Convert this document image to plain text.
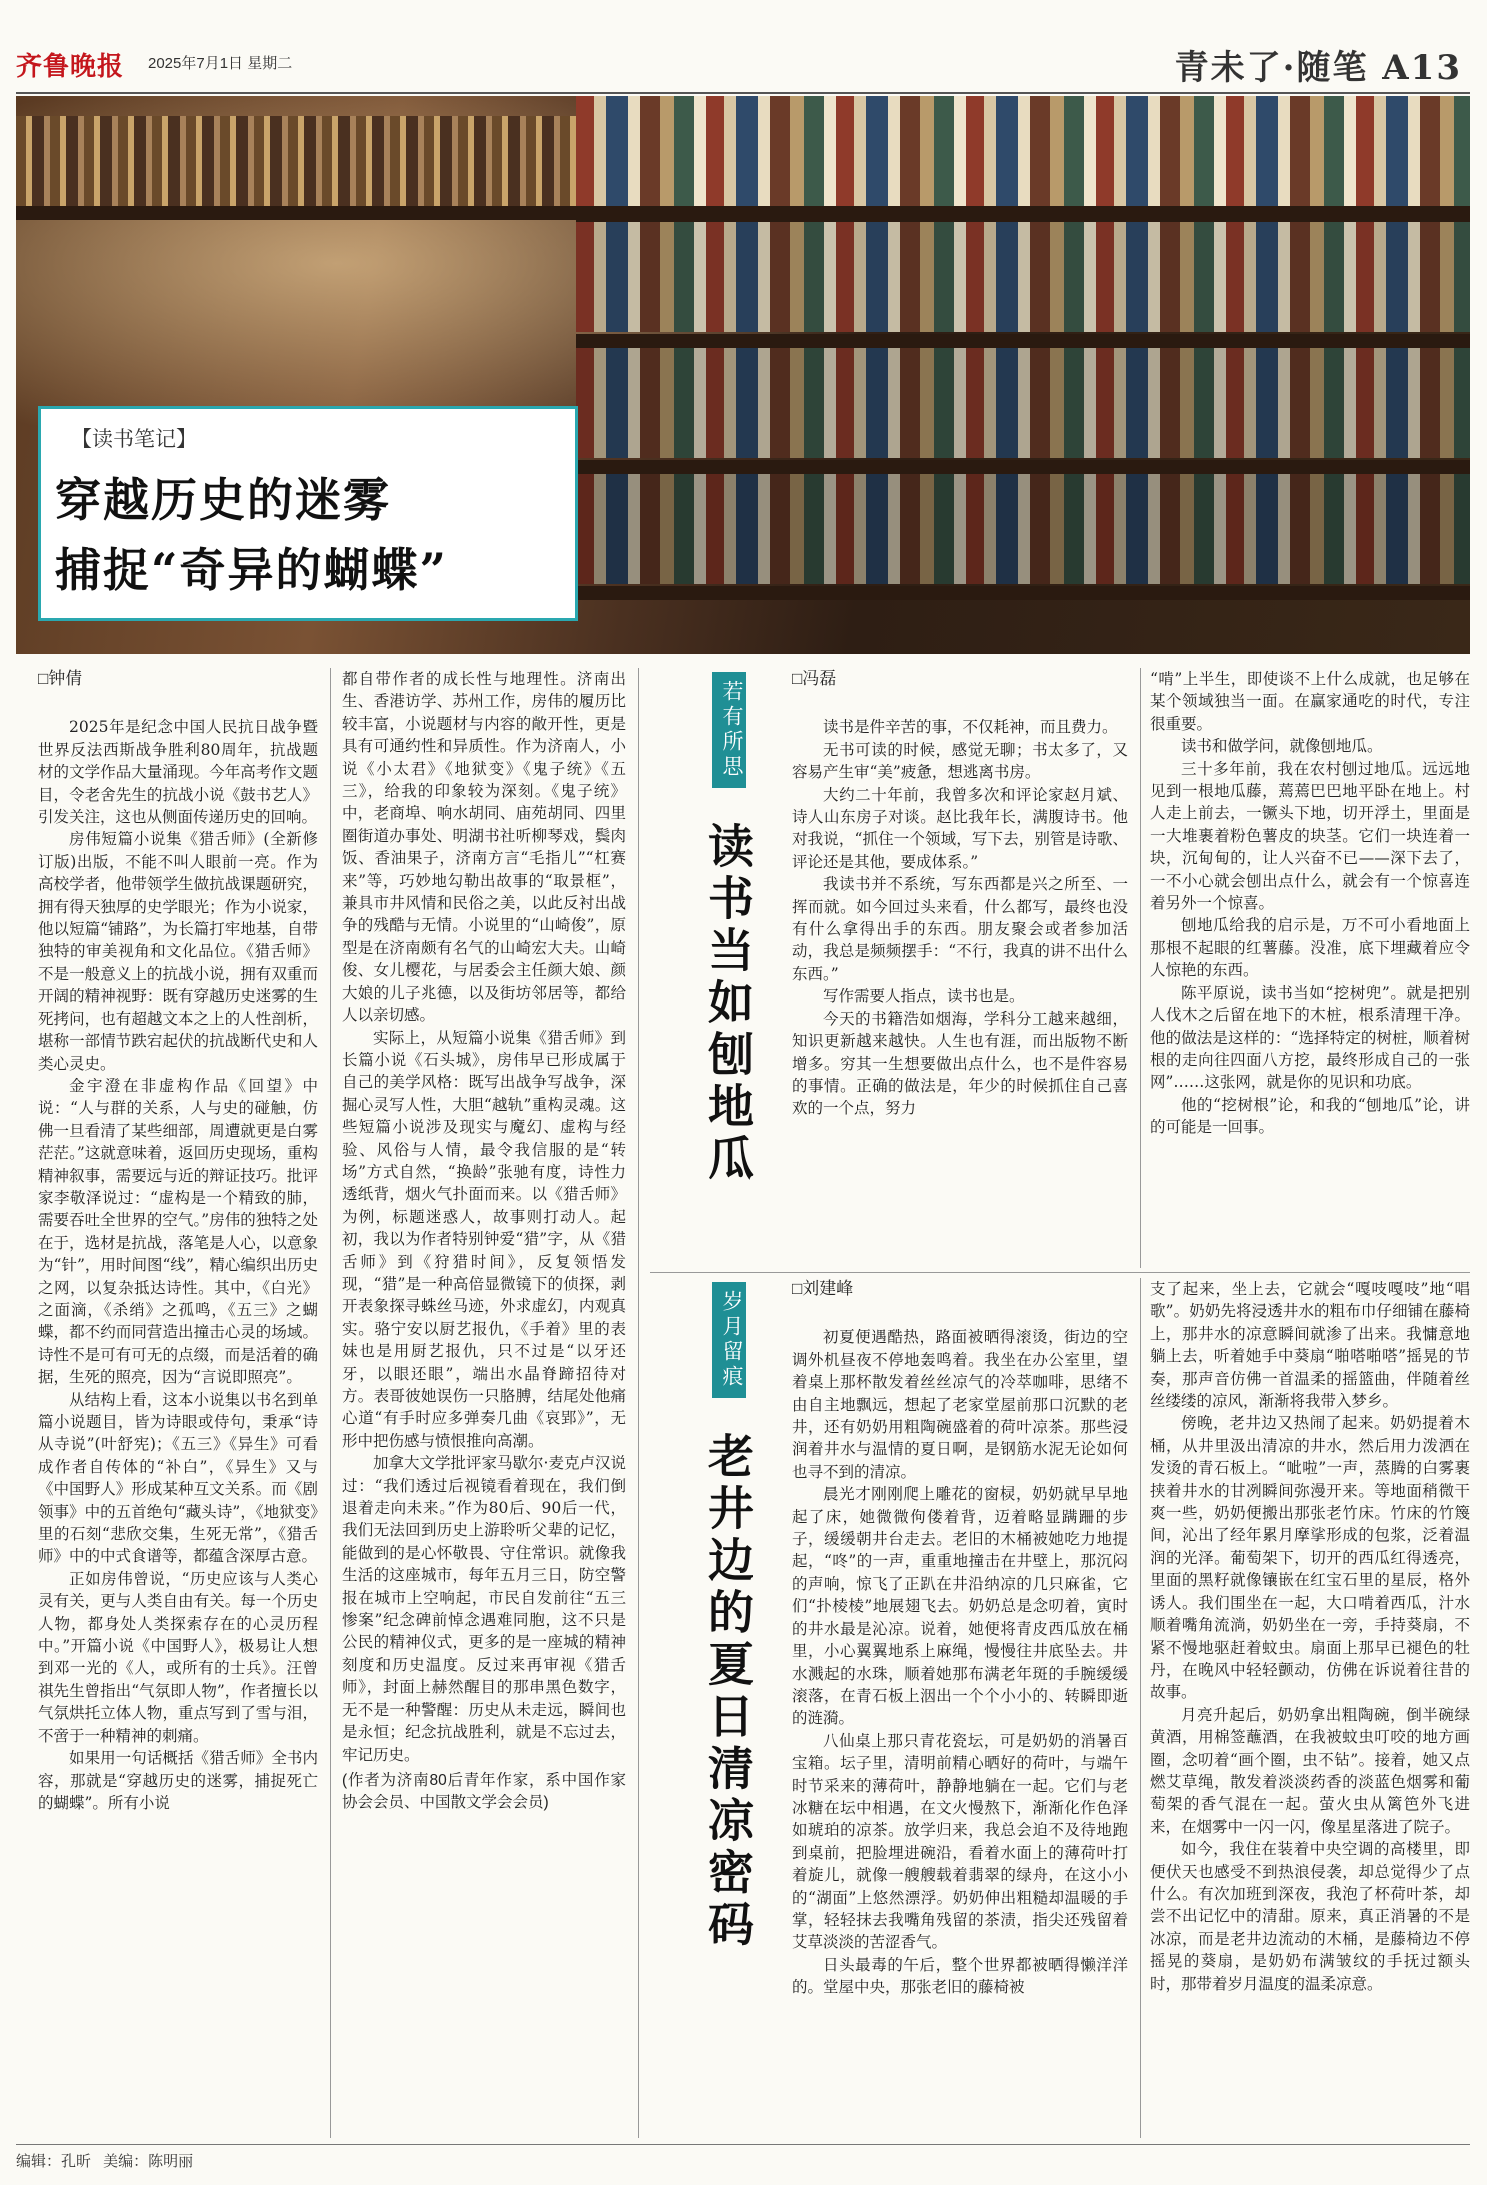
齐鲁晚报 2025年7月1日 星期二	青未了·随笔 A13
【读书笔记】
穿越历史的迷雾
捕捉“奇异的蝴蝶”

□钟倩

2025年是纪念中国人民抗日战争暨世界反法西斯战争胜利80周年，抗战题材的文学作品大量涌现。今年高考作文题目，令老舍先生的抗战小说《鼓书艺人》引发关注，这也从侧面传递历史的回响。

房伟短篇小说集《猎舌师》(全新修订版)出版，不能不叫人眼前一亮。作为高校学者，他带领学生做抗战课题研究，拥有得天独厚的史学眼光；作为小说家，他以短篇“铺路”，为长篇打牢地基，自带独特的审美视角和文化品位。《猎舌师》不是一般意义上的抗战小说，拥有双重而开阔的精神视野：既有穿越历史迷雾的生死拷问，也有超越文本之上的人性剖析，堪称一部情节跌宕起伏的抗战断代史和人类心灵史。

金宇澄在非虚构作品《回望》中说：“人与群的关系，人与史的碰触，仿佛一旦看清了某些细部，周遭就更是白雾茫茫。”这就意味着，返回历史现场，重构精神叙事，需要远与近的辩证技巧。批评家李敬泽说过：“虚构是一个精致的肺，需要吞吐全世界的空气。”房伟的独特之处在于，选材是抗战，落笔是人心，以意象为“针”，用时间图“线”，精心编织出历史之网，以复杂抵达诗性。其中，《白光》之面滴，《杀绡》之孤鸣，《五三》之蝴蝶，都不约而同营造出撞击心灵的场域。诗性不是可有可无的点缀，而是活着的确据，生死的照亮，因为“言说即照亮”。

从结构上看，这本小说集以书名到单篇小说题目，皆为诗眼或侍句，秉承“诗从寺说”(叶舒宪)；《五三》《异生》可看成作者自传体的“补白”，《异生》又与《中国野人》形成某种互文关系。而《剧领事》中的五首绝句“藏头诗”，《地狱变》里的石刻“悲欣交集，生死无常”，《猎舌师》中的中式食谱等，都蕴含深厚古意。

正如房伟曾说，“历史应该与人类心灵有关，更与人类自由有关。每一个历史人物，都身处人类探索存在的心灵历程中。”开篇小说《中国野人》，极易让人想到邓一光的《人，或所有的士兵》。汪曾祺先生曾指出“气氛即人物”，作者擅长以气氛烘托立体人物，重点写到了雪与泪，不啻于一种精神的刺痛。

如果用一句话概括《猎舌师》全书内容，那就是“穿越历史的迷雾，捕捉死亡的蝴蝶”。所有小说

都自带作者的成长性与地理性。济南出生、香港访学、苏州工作，房伟的履历比较丰富，小说题材与内容的敞开性，更是具有可通约性和异质性。作为济南人，小说《小太君》《地狱变》《鬼子统》《五三》，给我的印象较为深刻。《鬼子统》中，老商埠、响水胡同、庙苑胡同、四里圈街道办事处、明湖书社听柳琴戏，鬓肉饭、香油果子，济南方言“毛指儿”“杠赛来”等，巧妙地勾勒出故事的“取景框”，兼具市井风情和民俗之美，以此反衬出战争的残酷与无情。小说里的“山崎俊”，原型是在济南颇有名气的山崎宏大夫。山崎俊、女儿樱花，与居委会主任颜大娘、颜大娘的儿子兆德，以及街坊邻居等，都给人以亲切感。

实际上，从短篇小说集《猎舌师》到长篇小说《石头城》，房伟早已形成属于自己的美学风格：既写出战争写战争，深掘心灵写人性，大胆“越轨”重构灵魂。这些短篇小说涉及现实与魔幻、虚构与经验、风俗与人情，最令我信服的是“转场”方式自然，“换龄”张驰有度，诗性力透纸背，烟火气扑面而来。以《猎舌师》为例，标题迷惑人，故事则打动人。起初，我以为作者特别钟爱“猎”字，从《猎舌师》到《狩猎时间》，反复领悟发现，“猎”是一种高倍显微镜下的侦探，剥开表象探寻蛛丝马迹，外求虚幻，内观真实。骆宁安以厨艺报仇，《手着》里的表妹也是用厨艺报仇，只不过是“以牙还牙，以眼还眼”，端出水晶脊蹄招待对方。表哥彼她误伤一只胳膊，结尾处他痛心道“有手时应多弹奏几曲《哀郢》”，无形中把伤感与愤恨推向高潮。

加拿大文学批评家马歇尔·麦克卢汉说过：“我们透过后视镜看着现在，我们倒退着走向未来。”作为80后、90后一代，我们无法回到历史上游聆听父辈的记忆，能做到的是心怀敬畏、守住常识。就像我生活的这座城市，每年五月三日，防空警报在城市上空响起，市民自发前往“五三惨案”纪念碑前悼念遇难同胞，这不只是公民的精神仪式，更多的是一座城的精神刻度和历史温度。反过来再审视《猎舌师》，封面上赫然醒目的那串黑色数字，无不是一种警醒：历史从未走远，瞬间也是永恒；纪念抗战胜利，就是不忘过去，牢记历史。

(作者为济南80后青年作家，系中国作家协会会员、中国散文学会会员)

若有所思
读书当如刨地瓜

□冯磊

读书是件辛苦的事，不仅耗神，而且费力。

无书可读的时候，感觉无聊；书太多了，又容易产生审“美”疲惫，想逃离书房。

大约二十年前，我曾多次和评论家赵月斌、诗人山东房子对谈。赵比我年长，满腹诗书。他对我说，“抓住一个领域，写下去，别管是诗歌、评论还是其他，要成体系。”

我读书并不系统，写东西都是兴之所至、一挥而就。如今回过头来看，什么都写，最终也没有什么拿得出手的东西。朋友聚会或者参加活动，我总是频频摆手：“不行，我真的讲不出什么东西。”

写作需要人指点，读书也是。

今天的书籍浩如烟海，学科分工越来越细，知识更新越来越快。人生也有涯，而出版物不断增多。穷其一生想要做出点什么，也不是件容易的事情。正确的做法是，年少的时候抓住自己喜欢的一个点，努力

“啃”上半生，即使谈不上什么成就，也足够在某个领域独当一面。在赢家通吃的时代，专注很重要。

读书和做学问，就像刨地瓜。

三十多年前，我在农村刨过地瓜。远远地见到一根地瓜藤，蔫蔫巴巴地平卧在地上。村人走上前去，一镢头下地，切开浮土，里面是一大堆裹着粉色薯皮的块茎。它们一块连着一块，沉甸甸的，让人兴奋不已——深下去了，一不小心就会刨出点什么，就会有一个惊喜连着另外一个惊喜。

刨地瓜给我的启示是，万不可小看地面上那根不起眼的红薯藤。没准，底下埋藏着应令人惊艳的东西。

陈平原说，读书当如“挖树兜”。就是把别人伐木之后留在地下的木桩，根系清理干净。他的做法是这样的：“选择特定的树桩，顺着树根的走向往四面八方挖，最终形成自己的一张网”……这张网，就是你的见识和功底。

他的“挖树根”论，和我的“刨地瓜”论，讲的可能是一回事。

岁月留痕
老井边的夏日清凉密码

□刘建峰

初夏便遇酷热，路面被晒得滚烫，街边的空调外机昼夜不停地轰鸣着。我坐在办公室里，望着桌上那杯散发着丝丝凉气的冷萃咖啡，思绪不由自主地飘远，想起了老家堂屋前那口沉默的老井，还有奶奶用粗陶碗盛着的荷叶凉茶。那些浸润着井水与温情的夏日啊，是钢筋水泥无论如何也寻不到的清凉。

晨光才刚刚爬上雕花的窗棂，奶奶就早早地起了床，她微微佝偻着背，迈着略显蹒跚的步子，缓缓朝井台走去。老旧的木桶被她吃力地提起，“咚”的一声，重重地撞击在井壁上，那沉闷的声响，惊飞了正趴在井沿纳凉的几只麻雀，它们“扑棱棱”地展翅飞去。奶奶总是念叨着，寅时的井水最是沁凉。说着，她便将青皮西瓜放在桶里，小心翼翼地系上麻绳，慢慢往井底坠去。井水溅起的水珠，顺着她那布满老年斑的手腕缓缓滚落，在青石板上洇出一个个小小的、转瞬即逝的涟漪。

八仙桌上那只青花瓷坛，可是奶奶的消暑百宝箱。坛子里，清明前精心晒好的荷叶，与端午时节采来的薄荷叶，静静地躺在一起。它们与老冰糖在坛中相遇，在文火慢熬下，渐渐化作色泽如琥珀的凉茶。放学归来，我总会迫不及待地跑到桌前，把脸埋进碗沿，看着水面上的薄荷叶打着旋儿，就像一艘艘载着翡翠的绿舟，在这小小的“湖面”上悠然漂浮。奶奶伸出粗糙却温暖的手掌，轻轻抹去我嘴角残留的茶渍，指尖还残留着艾草淡淡的苦涩香气。

日头最毒的午后，整个世界都被晒得懒洋洋的。堂屋中央，那张老旧的藤椅被

支了起来，坐上去，它就会“嘎吱嘎吱”地“唱歌”。奶奶先将浸透井水的粗布巾仔细铺在藤椅上，那井水的凉意瞬间就渗了出来。我慵意地躺上去，听着她手中葵扇“啪嗒啪嗒”摇晃的节奏，那声音仿佛一首温柔的摇篮曲，伴随着丝丝缕缕的凉风，渐渐将我带入梦乡。

傍晚，老井边又热闹了起来。奶奶提着木桶，从井里汲出清凉的井水，然后用力泼洒在发烫的青石板上。“呲啦”一声，蒸腾的白雾裹挟着井水的甘冽瞬间弥漫开来。等地面稍微干爽一些，奶奶便搬出那张老竹床。竹床的竹篾间，沁出了经年累月摩挲形成的包浆，泛着温润的光泽。葡萄架下，切开的西瓜红得透亮，里面的黑籽就像镶嵌在红宝石里的星辰，格外诱人。我们围坐在一起，大口啃着西瓜，汁水顺着嘴角流淌，奶奶坐在一旁，手持葵扇，不紧不慢地驱赶着蚊虫。扇面上那早已褪色的牡丹，在晚风中轻轻颤动，仿佛在诉说着往昔的故事。

月亮升起后，奶奶拿出粗陶碗，倒半碗绿黄酒，用棉签蘸酒，在我被蚊虫叮咬的地方画圈，念叨着“画个圈，虫不钻”。接着，她又点燃艾草绳，散发着淡淡药香的淡蓝色烟雾和葡萄架的香气混在一起。萤火虫从篱笆外飞进来，在烟雾中一闪一闪，像星星落进了院子。

如今，我住在装着中央空调的高楼里，即便伏天也感受不到热浪侵袭，却总觉得少了点什么。有次加班到深夜，我泡了杯荷叶茶，却尝不出记忆中的清甜。原来，真正消暑的不是冰凉，而是老井边流动的木桶，是藤椅边不停摇晃的葵扇，是奶奶布满皱纹的手抚过额头时，那带着岁月温度的温柔凉意。

编辑：孔昕 美编：陈明丽
